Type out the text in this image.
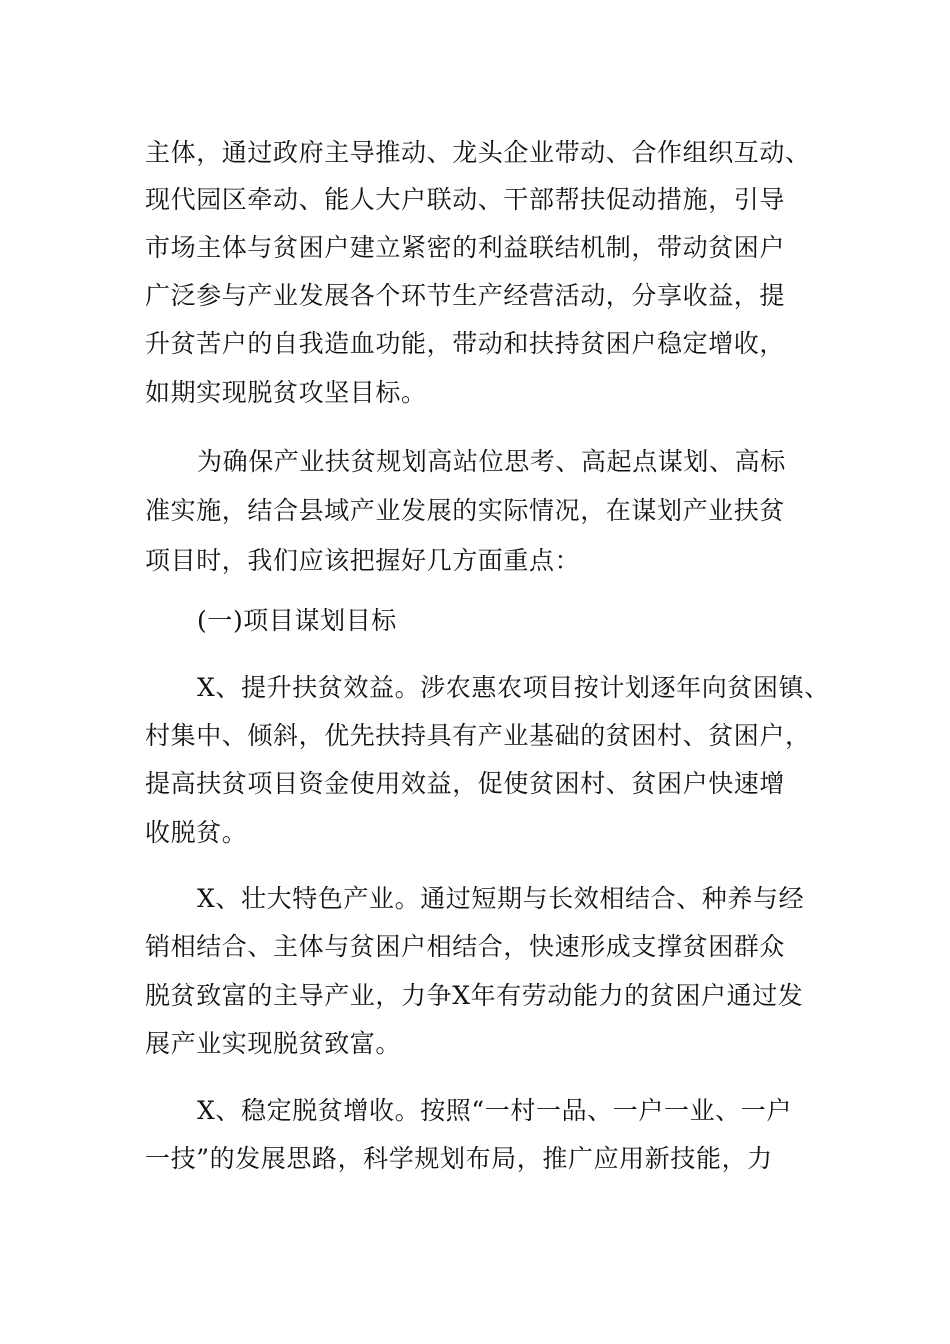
主体，通过政府主导推动、龙头企业带动、合作组织互动、
现代园区牵动、能人大户联动、干部帮扶促动措施，引导
市场主体与贫困户建立紧密的利益联结机制，带动贫困户
广泛参与产业发展各个环节生产经营活动，分享收益，提
升贫苦户的自我造血功能，带动和扶持贫困户稳定增收，
如期实现脱贫攻坚目标。
为确保产业扶贫规划高站位思考、高起点谋划、高标
准实施，结合县域产业发展的实际情况，在谋划产业扶贫
项目时，我们应该把握好几方面重点：
(一)项目谋划目标
X、提升扶贫效益。涉农惠农项目按计划逐年向贫困镇、
村集中、倾斜，优先扶持具有产业基础的贫困村、贫困户，
提高扶贫项目资金使用效益，促使贫困村、贫困户快速增
收脱贫。
X、壮大特色产业。通过短期与长效相结合、种养与经
销相结合、主体与贫困户相结合，快速形成支撑贫困群众
脱贫致富的主导产业，力争X年有劳动能力的贫困户通过发
展产业实现脱贫致富。
X、稳定脱贫增收。按照“一村一品、一户一业、一户
一技”的发展思路，科学规划布局，推广应用新技能，力
